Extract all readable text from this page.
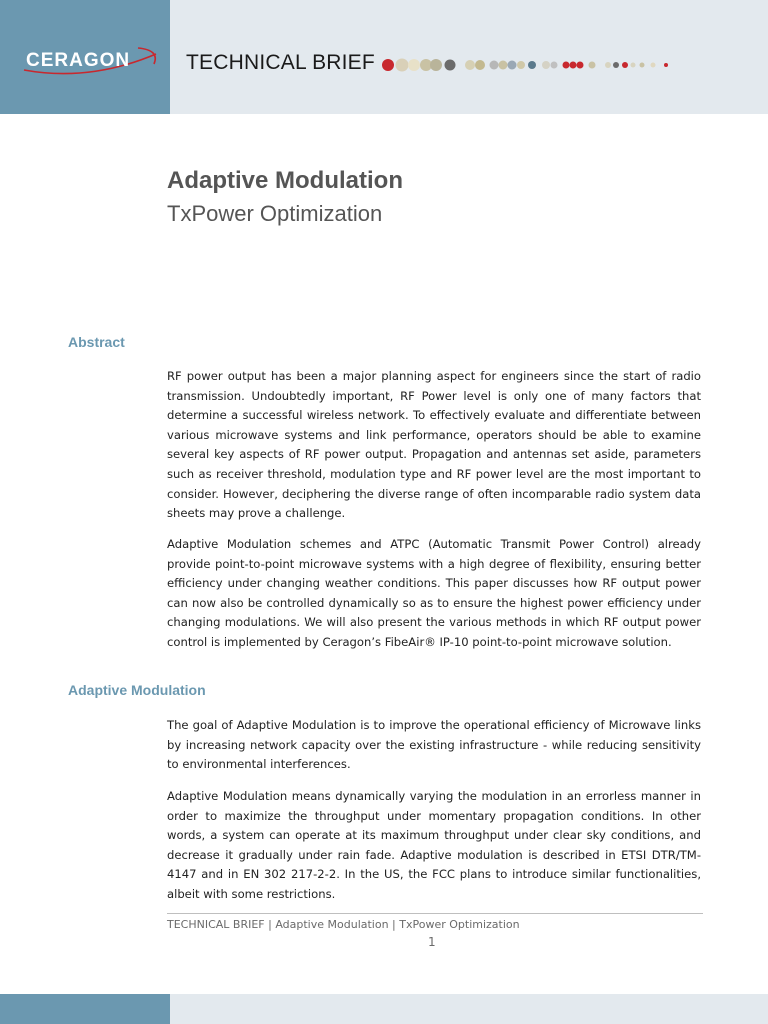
CERAGON	TECHNICAL BRIEF
Adaptive Modulation
TxPower Optimization
Abstract
RF power output has been a major planning aspect for engineers since the start of radio transmission. Undoubtedly important, RF Power level is only one of many factors that determine a successful wireless network. To effectively evaluate and differentiate between various microwave systems and link performance, operators should be able to examine several key aspects of RF power output. Propagation and antennas set aside, parameters such as receiver threshold, modulation type and RF power level are the most important to consider. However, deciphering the diverse range of often incomparable radio system data sheets may prove a challenge.
Adaptive Modulation schemes and ATPC (Automatic Transmit Power Control) already provide point-to-point microwave systems with a high degree of flexibility, ensuring better efficiency under changing weather conditions. This paper discusses how RF output power can now also be controlled dynamically so as to ensure the highest power efficiency under changing modulations. We will also present the various methods in which RF output power control is implemented by Ceragon’s FibeAir® IP-10 point-to-point microwave solution.
Adaptive Modulation
The goal of Adaptive Modulation is to improve the operational efficiency of Microwave links by increasing network capacity over the existing infrastructure - while reducing sensitivity to environmental interferences.
Adaptive Modulation means dynamically varying the modulation in an errorless manner in order to maximize the throughput under momentary propagation conditions. In other words, a system can operate at its maximum throughput under clear sky conditions, and decrease it gradually under rain fade. Adaptive modulation is described in ETSI DTR/TM-4147 and in EN 302 217-2-2. In the US, the FCC plans to introduce similar functionalities, albeit with some restrictions.
TECHNICAL BRIEF | Adaptive Modulation | TxPower Optimization
1
